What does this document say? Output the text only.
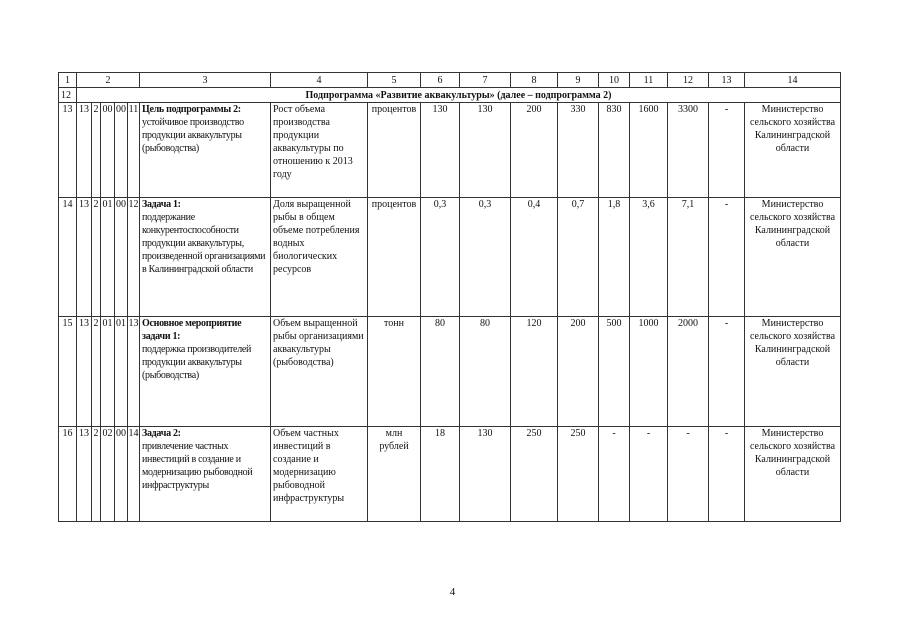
1	2					3	4	5	6	7	8	9	10	11	12	13	14
12	Подпрограмма «Развитие аквакультуры» (далее – подпрограмма 2)																
13	13	2	00	00	11	Цель подпрограммы 2:
устойчивое производство продукции аквакультуры (рыбоводства)	Рост объема производства продукции аквакультуры по отношению к 2013 году	процентов	130	130	200	330	830	1600	3300	-	Министерство сельского хозяйства Калининградской области
14	13	2	01	00	12	Задача 1:
поддержание конкурентоспособности продукции аквакультуры, произведенной организациями в Калининградской области	Доля выращенной рыбы в общем объеме потребления водных биологических ресурсов	процентов	0,3	0,3	0,4	0,7	1,8	3,6	7,1	-	Министерство сельского хозяйства Калининградской области
15	13	2	01	01	13	Основное мероприятие задачи 1:
поддержка производителей продукции аквакультуры (рыбоводства)	Объем выращенной рыбы организациями аквакультуры (рыбоводства)	тонн	80	80	120	200	500	1000	2000	-	Министерство сельского хозяйства Калининградской области
16	13	2	02	00	14	Задача 2:
привлечение частных инвестиций в создание и модернизацию рыбоводной инфраструктуры	Объем частных инвестиций в создание и модернизацию рыбоводной инфраструктуры	млн рублей	18	130	250	250	-	-	-	-	Министерство сельского хозяйства Калининградской области
4
